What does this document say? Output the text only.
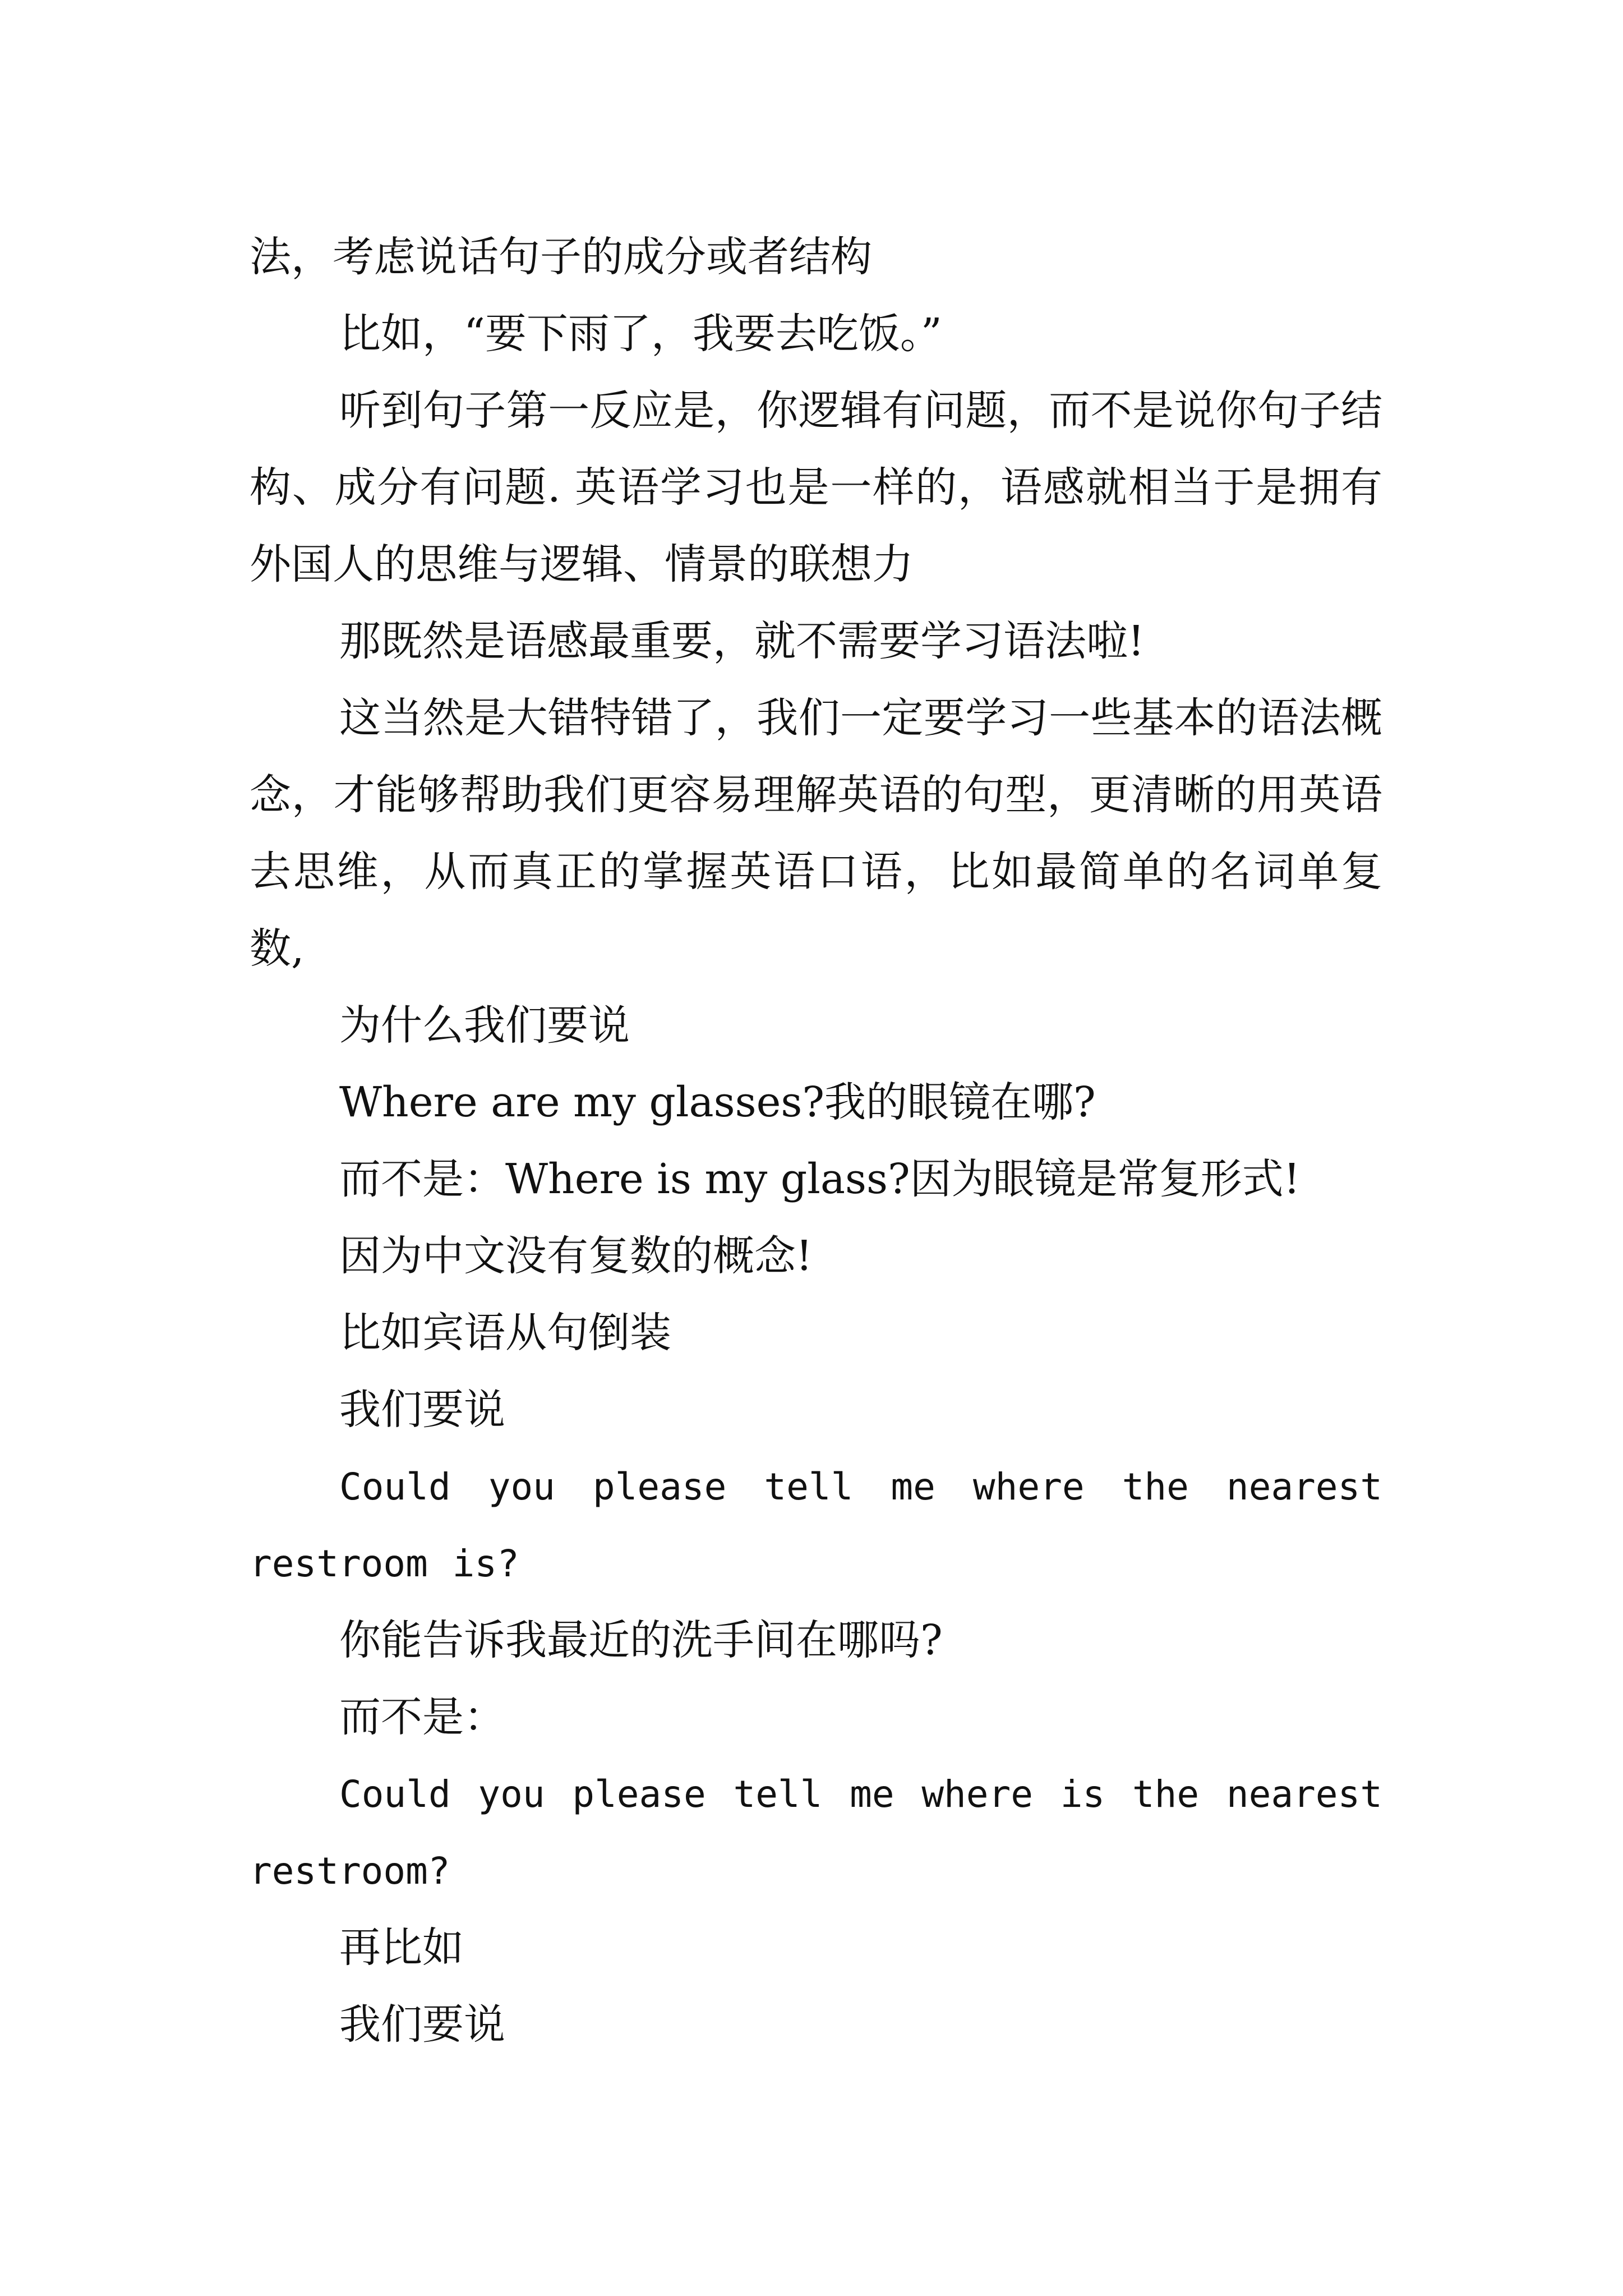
法，考虑说话句子的成分或者结构

比如，“要下雨了，我要去吃饭。”

听到句子第一反应是，你逻辑有问题，而不是说你句子结构、成分有问题. 英语学习也是一样的，语感就相当于是拥有外国人的思维与逻辑、情景的联想力

那既然是语感最重要，就不需要学习语法啦!

这当然是大错特错了，我们一定要学习一些基本的语法概念，才能够帮助我们更容易理解英语的句型，更清晰的用英语去思维，从而真正的掌握英语口语，比如最简单的名词单复数,

为什么我们要说

Where are my glasses?我的眼镜在哪?

而不是：Where is my glass?因为眼镜是常复形式!

因为中文没有复数的概念!

比如宾语从句倒装

我们要说

Could you please tell me where the nearest restroom is?

你能告诉我最近的洗手间在哪吗?

而不是：

Could you please tell me where is the nearest restroom?

再比如

我们要说
